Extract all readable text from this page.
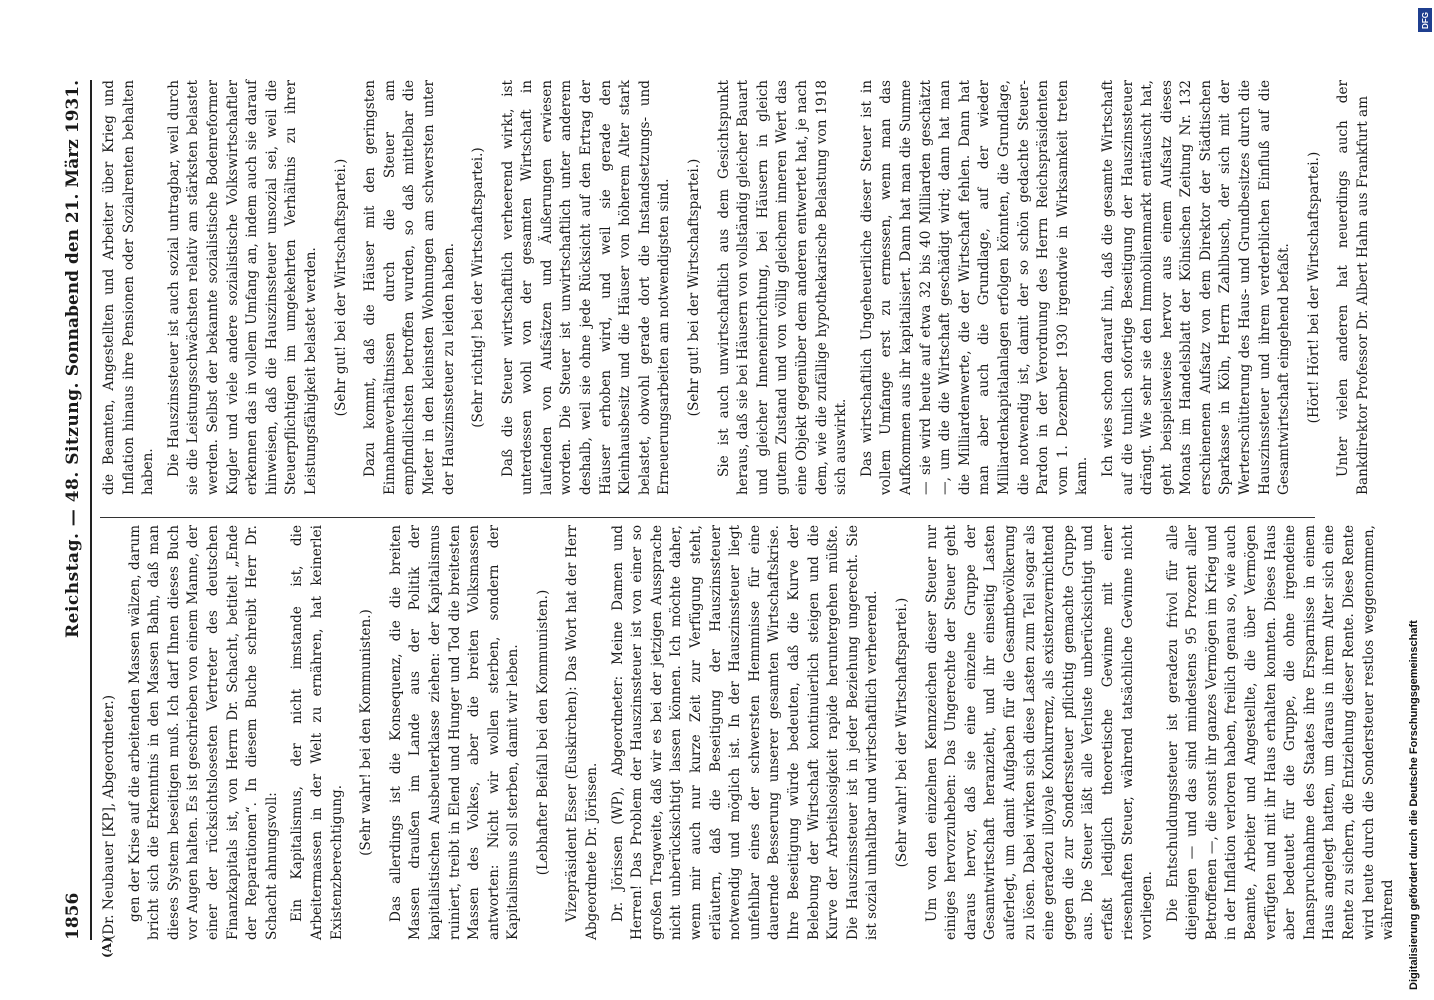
1856
Reichstag. — 48. Sitzung.
Sonnabend den 21. März 1931.
(A)

(Dr. Neubauer [KP], Abgeordneter.) gen der Krise auf die arbeitenden Massen wälzen, darum bricht sich die Erkenntnis in den Massen Bahn, daß man dieses System beseitigen muß. Ich darf Ihnen dieses Buch vor Augen halten. Es ist geschrieben von einem Manne, der einer der rücksichtslosesten Vertreter des deutschen Finanzkapitals ist, von Herrn Dr. Schacht, betitelt „Ende der Reparationen“. In diesem Buche schreibt Herr Dr. Schacht ahnungsvoll: Ein Kapitalismus, der nicht imstande ist, die Arbeitermassen in der Welt zu ernähren, hat keinerlei Existenzberechtigung.

(Sehr wahr! bei den Kommunisten.) Das allerdings ist die Konsequenz, die die breiten Massen draußen im Lande aus der Politik der kapitalistischen Ausbeuterklasse ziehen: der Kapitalismus ruiniert, treibt in Elend und Hunger und Tod die breitesten Massen des Volkes, aber die breiten Volksmassen antworten: Nicht wir wollen sterben, sondern der Kapitalismus soll sterben, damit wir leben. (Lebhafter Beifall bei den Kommunisten.) Vizepräsident Esser (Euskirchen): Das Wort hat der Herr Abgeordnete Dr. Jörissen. Dr. Jörissen (WP), Abgeordneter: Meine Damen und Herren! Das Problem der Hauszinssteuer ist von einer so großen Tragweite, daß wir es bei der jetzigen Aussprache nicht unberücksichtigt lassen können. Ich möchte daher, wenn mir auch nur kurze Zeit zur Verfügung steht, erläutern, daß die Beseitigung der Hauszinssteuer notwendig und möglich ist. In der Hauszinssteuer liegt unfehlbar eines der schwersten Hemmnisse für eine dauernde Besserung unserer gesamten Wirtschaftskrise. Ihre Beseitigung würde bedeuten, daß die Kurve der Belebung der Wirtschaft kontinuierlich steigen und die Kurve der Arbeitslosigkeit rapide heruntergehen müßte. Die Hauszinssteuer ist in jeder Beziehung ungerecht. Sie ist sozial unhaltbar und wirtschaftlich verheerend. (Sehr wahr! bei der Wirtschaftspartei.) Um von den einzelnen Kennzeichen dieser Steuer nur einiges hervorzuheben: Das Ungerechte der Steuer geht daraus hervor, daß sie eine einzelne Gruppe der Gesamtwirtschaft heranzieht, und ihr einseitig Lasten auferlegt, um damit Aufgaben für die Gesamtbevölkerung zu lösen. Dabei wirken sich diese Lasten zum Teil sogar als eine geradezu illoyale Konkurrenz, als existenzvernichtend gegen die zur Sonderssteuer pflichtig gemachte Gruppe aus. Die Steuer läßt alle Verluste unberücksichtigt und erfaßt lediglich theoretische Gewinne mit einer riesenhaften Steuer, während tatsächliche Gewinne nicht vorliegen. Die Entschuldungssteuer ist geradezu frivol für alle diejenigen — und das sind mindestens 95 Prozent aller Betroffenen —, die sonst ihr ganzes Vermögen im Krieg und in der Inflation verloren haben, freilich genau so, wie auch Beamte, Arbeiter und Angestellte, die über Vermögen verfügten und mit ihr Haus erhalten konnten. Dieses Haus aber bedeutet für die Gruppe, die ohne irgendeine Inanspruchnahme des Staates ihre Ersparnisse in einem Haus angelegt hatten, um daraus in ihrem Alter sich eine Rente zu sichern, die Entziehung dieser Rente. Diese Rente wird heute durch die Sondersteuer restlos weggenommen, während

die Beamten, Angestellten und Arbeiter über Krieg und Inflation hinaus ihre Pensionen oder Sozialrenten behalten haben. Die Hauszinssteuer ist auch sozial untragbar, weil durch sie die Leistungsschwächsten relativ am stärksten belastet werden. Selbst der bekannte sozialistische Bodenreformer Kugler und viele andere sozialistische Volkswirtschaftler erkennen das in vollem Umfang an, indem auch sie darauf hinweisen, daß die Hauszinssteuer unsozial sei, weil die Steuerpflichtigen im umgekehrten Verhältnis zu ihrer Leistungsfähigkeit belastet werden. (Sehr gut! bei der Wirtschaftspartei.) Dazu kommt, daß die Häuser mit den geringsten Einnahmeverhältnissen durch die Steuer am empfindlichsten betroffen wurden, so daß mittelbar die Mieter in den kleinsten Wohnungen am schwersten unter der Hauszinssteuer zu leiden haben. (Sehr richtig! bei der Wirtschaftspartei.) Daß die Steuer wirtschaftlich verheerend wirkt, ist unterdessen wohl von der gesamten Wirtschaft in laufenden von Aufsätzen und Äußerungen erwiesen worden. Die Steuer ist unwirtschaftlich unter anderem deshalb, weil sie ohne jede Rücksicht auf den Ertrag der Häuser erhoben wird, und weil sie gerade den Kleinhausbesitz und die Häuser von höherem Alter stark belastet, obwohl gerade dort die Instandsetzungs- und Erneuerungsarbeiten am notwendigsten sind. (Sehr gut! bei der Wirtschaftspartei.) Sie ist auch unwirtschaftlich aus dem Gesichtspunkt heraus, daß sie bei Häusern von vollständig gleicher Bauart und gleicher Inneneinrichtung, bei Häusern in gleich gutem Zustand und von völlig gleichem inneren Wert das eine Objekt gegenüber dem anderen entwertet hat, je nach dem, wie die zufällige hypothekarische Belastung von 1918 sich auswirkt. Das wirtschaftlich Ungeheuerliche dieser Steuer ist in vollem Umfange erst zu ermessen, wenn man das Aufkommen aus ihr kapitalisiert. Dann hat man die Summe — sie wird heute auf etwa 32 bis 40 Milliarden geschätzt —, um die die Wirtschaft geschädigt wird; dann hat man die Milliardenwerte, die der Wirtschaft fehlen. Dann hat man aber auch die Grundlage, auf der wieder Milliardenkapitalanlagen erfolgen könnten, die Grundlage, die notwendig ist, damit der so schön gedachte Steuer-Pardon in der Verordnung des Herrn Reichspräsidenten vom 1. Dezember 1930 irgendwie in Wirksamkeit treten kann. Ich wies schon darauf hin, daß die gesamte Wirtschaft auf die tunlich sofortige Beseitigung der Hauszinssteuer drängt. Wie sehr sie den Immobilienmarkt enttäuscht hat, geht beispielsweise hervor aus einem Aufsatz dieses Monats im Handelsblatt der Kölnischen Zeitung Nr. 132 erschienenen Aufsatz von dem Direktor der Städtischen Sparkasse in Köln, Herrn Zahlbusch, der sich mit der Werterschütterung des Haus- und Grundbesitzes durch die Hauszinssteuer und ihrem verderblichen Einfluß auf die Gesamtwirtschaft eingehend befaßt. (Hört! Hört! bei der Wirtschaftspartei.) Unter vielen anderen hat neuerdings auch der Bankdirektor Professor Dr. Albert Hahn aus Frankfurt am

DFG
Digitalisierung gefördert durch die Deutsche Forschungsgemeinschaft
